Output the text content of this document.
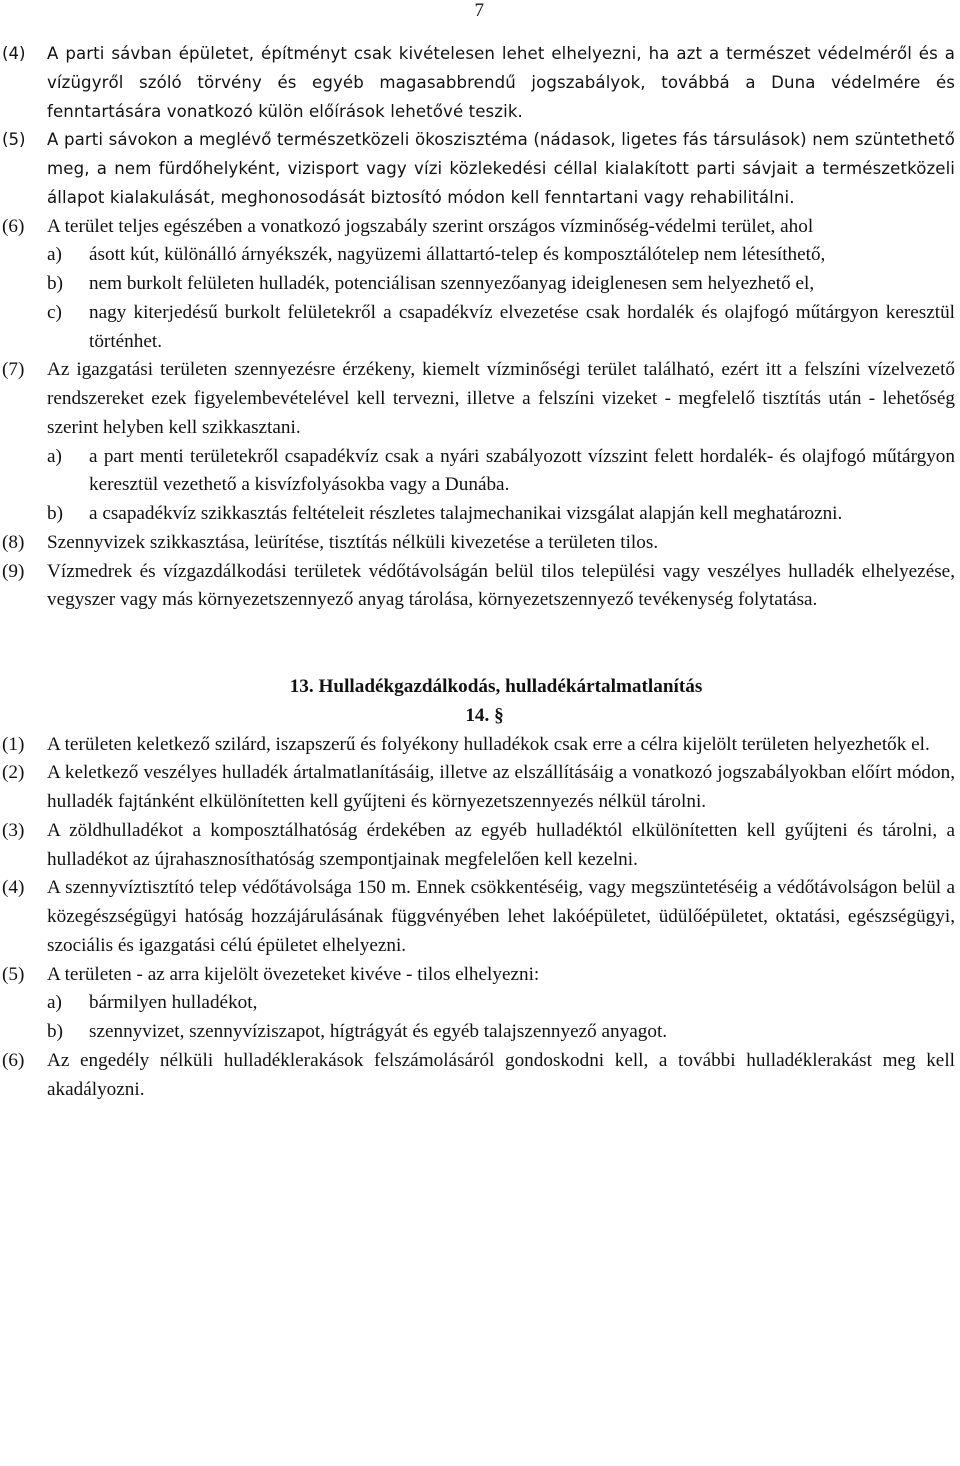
7
(4)	A parti sávban épületet, építményt csak kivételesen lehet elhelyezni, ha azt a természet védelméről és a vízügyről szóló törvény és egyéb magasabbrendű jogszabályok, továbbá a Duna védelmére és fenntartására vonatkozó külön előírások lehetővé teszik.
(5)	A parti sávokon a meglévő természetközeli ökoszisztéma (nádasok, ligetes fás társulások) nem szüntethető meg, a nem fürdőhelyként, vizisport vagy vízi közlekedési céllal kialakított parti sávjait a természetközeli állapot kialakulását, meghonosodását biztosító módon kell fenntartani vagy rehabilitálni.
(6)	A terület teljes egészében a vonatkozó jogszabály szerint országos vízminőség-védelmi terület, ahol
a)	ásott kút, különálló árnyékszék, nagyüzemi állattartó-telep és komposztálótelep nem létesíthető,
b)	nem burkolt felületen hulladék, potenciálisan szennyezőanyag ideiglenesen sem helyezhető el,
c)	nagy kiterjedésű burkolt felületekről a csapadékvíz elvezetése csak hordalék és olajfogó műtárgyon keresztül történhet.
(7)	Az igazgatási területen szennyezésre érzékeny, kiemelt vízminőségi terület található, ezért itt a felszíni vízelvezető rendszereket ezek figyelembevételével kell tervezni, illetve a felszíni vizeket - megfelelő tisztítás után - lehetőség szerint helyben kell szikkasztani.
a)	a part menti területekről csapadékvíz csak a nyári szabályozott vízszint felett hordalék- és olajfogó műtárgyon keresztül vezethető a kisvízfolyásokba vagy a Dunába.
b)	a csapadékvíz szikkasztás feltételeit részletes talajmechanikai vizsgálat alapján kell meghatározni.
(8)	Szennyvizek szikkasztása, leürítése, tisztítás nélküli kivezetése a területen tilos.
(9)	Vízmedrek és vízgazdálkodási területek védőtávolságán belül tilos települési vagy veszélyes hulladék elhelyezése, vegyszer vagy más környezetszennyező anyag tárolása, környezetszennyező tevékenység folytatása.
13. Hulladékgazdálkodás, hulladékártalmatlanítás
14. §
(1)	A területen keletkező szilárd, iszapszerű és folyékony hulladékok csak erre a célra kijelölt területen helyezhetők el.
(2)	A keletkező veszélyes hulladék ártalmatlanításáig, illetve az elszállításáig a vonatkozó jogszabályokban előírt módon, hulladék fajtánként elkülönítetten kell gyűjteni és környezetszennyezés nélkül tárolni.
(3)	A zöldhulladékot a komposztálhatóság érdekében az egyéb hulladéktól elkülönítetten kell gyűjteni és tárolni, a hulladékot az újrahasznosíthatóság szempontjainak megfelelően kell kezelni.
(4)	A szennyvíztisztító telep védőtávolsága 150 m. Ennek csökkentéséig, vagy megszüntetéséig a védőtávolságon belül a közegészségügyi hatóság hozzájárulásának függvényében lehet lakóépületet, üdülőépületet, oktatási, egészségügyi, szociális és igazgatási célú épületet elhelyezni.
(5)	A területen - az arra kijelölt övezeteket kivéve - tilos elhelyezni:
a)	bármilyen hulladékot,
b)	szennyvizet, szennyvíziszapot, hígtrágyát és egyéb talajszennyező anyagot.
(6)	Az engedély nélküli hulladéklerakások felszámolásáról gondoskodni kell, a további hulladéklerakást meg kell akadályozni.
